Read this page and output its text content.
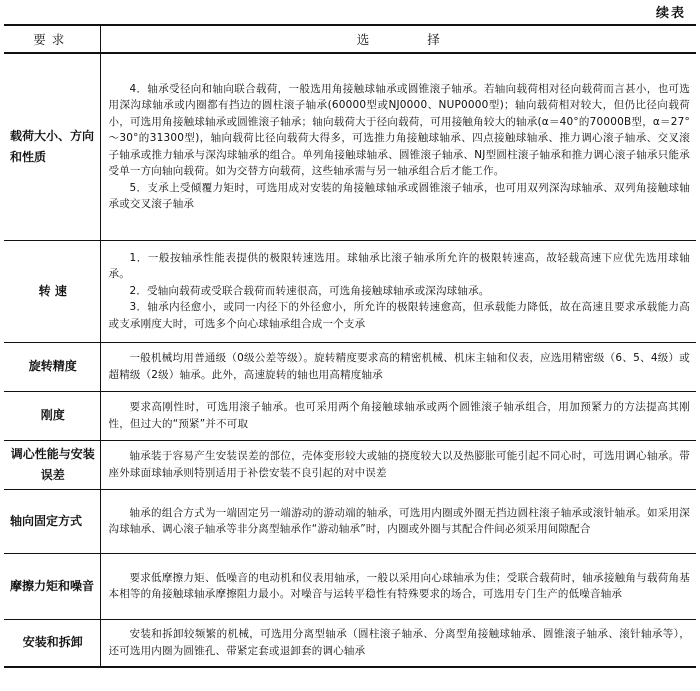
续表
要求	选择
载荷大小、方向和性质	4．轴承受径向和轴向联合载荷，一般选用角接触球轴承或圆锥滚子轴承。若轴向载荷相对径向载荷而言甚小，也可选用深沟球轴承或内圈都有挡边的圆柱滚子轴承(60000型或NJ0000、NUP0000型)；轴向载荷相对较大，但仍比径向载荷小，可选用角接触球轴承或圆锥滚子轴承；轴向载荷大于径向载荷，可用接触角较大的轴承(α＝40°的70000B型，α＝27°～30°的31300型)，轴向载荷比径向载荷大得多，可选推力角接触球轴承、四点接触球轴承、推力调心滚子轴承、交叉滚子轴承或推力轴承与深沟球轴承的组合。单列角接触球轴承、圆锥滚子轴承、NJ型圆柱滚子轴承和推力调心滚子轴承只能承受单一方向轴向载荷。如为交替方向载荷，这些轴承需与另一轴承组合后才能工作。

5．支承上受倾覆力矩时，可选用成对安装的角接触球轴承或圆锥滚子轴承，也可用双列深沟球轴承、双列角接触球轴承或交叉滚子轴承

转 速	1．一般按轴承性能表提供的极限转速选用。球轴承比滚子轴承所允许的极限转速高，故轻载高速下应优先选用球轴承。

2．受轴向载荷或受联合载荷而转速很高，可选角接触球轴承或深沟球轴承。

3．轴承内径愈小，或同一内径下的外径愈小，所允许的极限转速愈高，但承载能力降低，故在高速且要求承载能力高或支承刚度大时，可选多个向心球轴承组合成一个支承

旋转精度	一般机械均用普通级（0级公差等级）。旋转精度要求高的精密机械、机床主轴和仪表，应选用精密级（6、5、4级）或超精级（2级）轴承。此外，高速旋转的轴也用高精度轴承

刚度	要求高刚性时，可选用滚子轴承。也可采用两个角接触球轴承或两个圆锥滚子轴承组合，用加预紧力的方法提高其刚性，但过大的“预紧”并不可取

调心性能与安装误差	轴承装于容易产生安装误差的部位，壳体变形较大或轴的挠度较大以及热膨胀可能引起不同心时，可选用调心轴承。带座外球面球轴承则特别适用于补偿安装不良引起的对中误差

轴向固定方式	轴承的组合方式为一端固定另一端游动的游动端的轴承，可选用内圈或外圈无挡边圆柱滚子轴承或滚针轴承。如采用深沟球轴承、调心滚子轴承等非分离型轴承作“游动轴承”时，内圈或外圈与其配合件间必须采用间隙配合

摩擦力矩和噪音	要求低摩擦力矩、低噪音的电动机和仪表用轴承，一般以采用向心球轴承为佳；受联合载荷时，轴承接触角与载荷角基本相等的角接触球轴承摩擦阻力最小。对噪音与运转平稳性有特殊要求的场合，可选用专门生产的低噪音轴承

安装和拆卸	安装和拆卸较频繁的机械，可选用分离型轴承（圆柱滚子轴承、分离型角接触球轴承、圆锥滚子轴承、滚针轴承等），还可选用内圈为圆锥孔、带紧定套或退卸套的调心轴承
